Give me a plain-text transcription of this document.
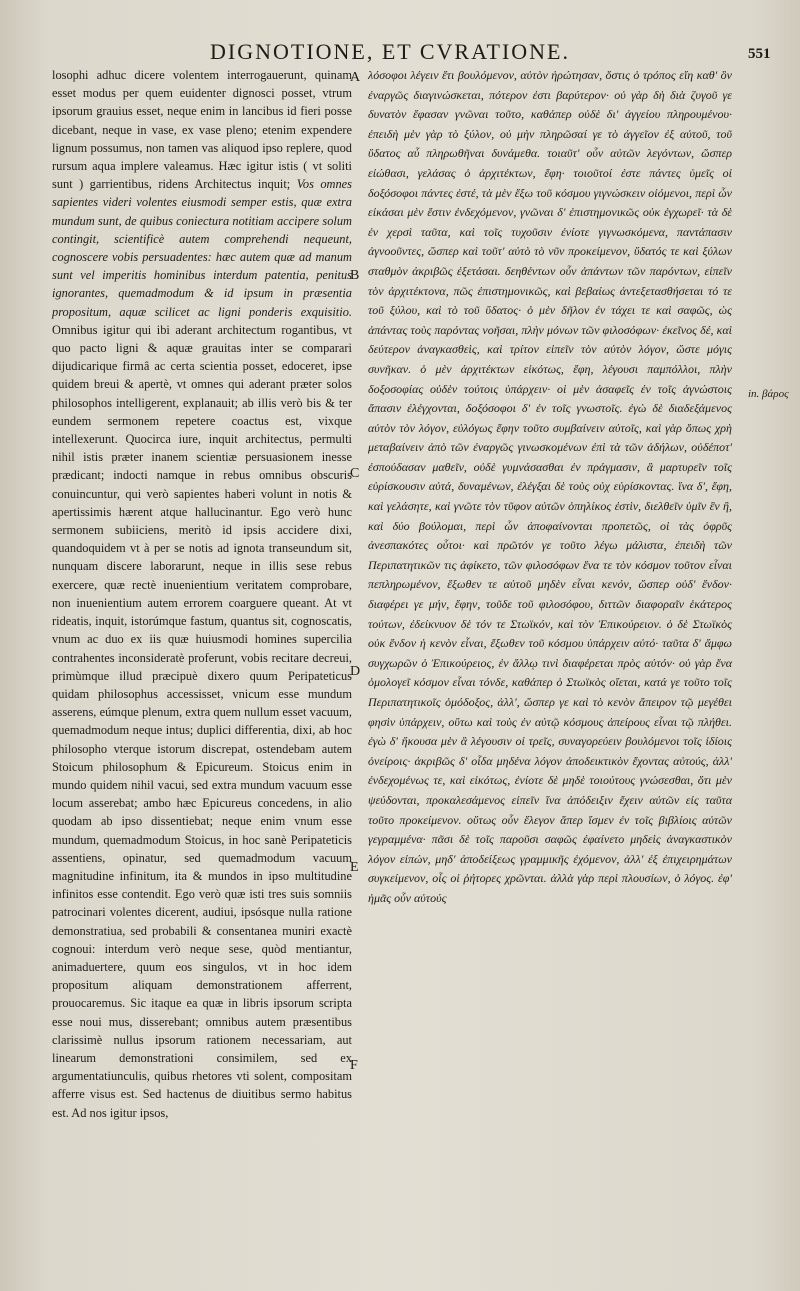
DIGNOTIONE, ET CVRATIONE.	551

losophi adhuc dicere volentem interrogauerunt, quinam esset modus per quem euidenter dignosci posset, vtrum ipsorum grauius esset, neque enim in lancibus id fieri posse dicebant, neque in vase, ex vase pleno; etenim expendere lignum possumus, non tamen vas aliquod ipso replere, quod rursum aqua implere valeamus. Hæc igitur istis ( vt soliti sunt ) garrientibus, ridens Architectus inquit; Vos omnes sapientes videri volentes eiusmodi semper estis, quæ extra mundum sunt, de quibus coniectura notitiam accipere solum contingit, scientificè autem comprehendi nequeunt, cognoscere vobis persuadentes: hæc autem quæ ad manum sunt vel imperitis hominibus interdum patentia, penitus ignorantes, quemadmodum & id ipsum in præsentia propositum, aquæ scilicet ac ligni ponderis exquisitio. Omnibus igitur qui ibi aderant architectum rogantibus, vt quo pacto ligni & aquæ grauitas inter se comparari dijudicarique firmâ ac certa scientia posset, edoceret, ipse quidem breui & apertè, vt omnes qui aderant præter solos philosophos intelligerent, explanauit; ab illis verò bis & ter eundem sermonem repetere coactus est, vixque intellexerunt. Quocirca iure, inquit architectus, permulti nihil istis præter inanem scientiæ persuasionem inesse prædicant; indocti namque in rebus omnibus obscuris conuincuntur, qui verò sapientes haberi volunt in notis & apertissimis hærent atque hallucinantur. Ego verò hunc sermonem subiiciens, meritò id ipsis accidere dixi, quandoquidem vt à per se notis ad ignota transeundum sit, nunquam discere laborarunt, neque in illis sese rebus exercere, quæ rectè inuenientium veritatem comprobare, non inuenientium autem errorem coarguere queant. At vt rideatis, inquit, istorúmque fastum, quantus sit, cognoscatis, vnum ac duo ex iis quæ huiusmodi homines supercilia contrahentes inconsideratè proferunt, vobis recitare decreui, primùmque illud præcipuè dixero quum Peripateticus quidam philosophus accessisset, vnicum esse mundum asserens, eúmque plenum, extra quem nullum esset vacuum, quemadmodum neque intus; duplici differentia, dixi, ab hoc philosopho vterque istorum discrepat, ostendebam autem Stoicum philosophum & Epicureum. Stoicus enim in mundo quidem nihil vacui, sed extra mundum vacuum esse locum asserebat; ambo hæc Epicureus concedens, in alio quodam ab ipso dissentiebat; neque enim vnum esse mundum, quemadmodum Stoicus, in hoc sanè Peripateticis assentiens, opinatur, sed quemadmodum vacuum magnitudine infinitum, ita & mundos in ipso multitudine infinitos esse contendit. Ego verò quæ isti tres suis somniis patrocinari volentes dicerent, audiui, ipsósque nulla ratione demonstratiua, sed probabili & consentanea muniri exactè cognoui: interdum verò neque sese, quòd mentiantur, animaduertere, quum eos singulos, vt in hoc idem propositum aliquam demonstrationem afferrent, prouocaremus. Sic itaque ea quæ in libris ipsorum scripta esse noui mus, disserebant; omnibus autem præsentibus clarissimè nullus ipsorum rationem necessariam, aut linearum demonstrationi consimilem, sed ex argumentatiunculis, quibus rhetores vti solent, compositam afferre visus est. Sed hactenus de diuitibus sermo habitus est. Ad nos igitur ipsos,

A
B
C
D
E
F

λόσοφοι λέγειν ἔτι βουλόμενον, αὐτὸν ἠρώτησαν, ὅστις ὁ τρόπος εἴη καθ' ὃν ἐναργῶς διαγινώσκεται, πότερον ἐστι βαρύτερον· οὐ γὰρ δὴ διὰ ζυγοῦ γε δυνατὸν ἔφασαν γνῶναι τοῦτο, καθάπερ οὐδὲ δι' ἀγγείου πληρουμένου· ἐπειδὴ μὲν γὰρ τὸ ξύλον, οὐ μὴν πληρῶσαί γε τὸ ἀγγεῖον ἐξ αὐτοῦ, τοῦ ὕδατος αὖ πληρωθῆναι δυνάμεθα. τοιαῦτ' οὖν αὐτῶν λεγόντων, ὥσπερ εἰώθασι, γελάσας ὁ ἀρχιτέκτων, ἔφη· τοιοῦτοί ἐστε πάντες ὑμεῖς οἱ δοξόσοφοι πάντες ἐστέ, τὰ μὲν ἔξω τοῦ κόσμου γιγνώσκειν οἰόμενοι, περὶ ὧν εἰκάσαι μὲν ἔστιν ἐνδεχόμενον, γνῶναι δ' ἐπιστημονικῶς οὐκ ἐγχωρεῖ· τὰ δὲ ἐν χερσὶ ταῦτα, καὶ τοῖς τυχοῦσιν ἐνίοτε γιγνωσκόμενα, παντάπασιν ἀγνοοῦντες, ὥσπερ καὶ τοῦτ' αὐτὸ τὸ νῦν προκείμενον, ὕδατός τε καὶ ξύλων σταθμὸν ἀκριβῶς ἐξετάσαι. δεηθέντων οὖν ἁπάντων τῶν παρόντων, εἰπεῖν τὸν ἀρχιτέκτονα, πῶς ἐπιστημονικῶς, καὶ βεβαίως ἀντεξετασθήσεται τό τε τοῦ ξύλου, καὶ τὸ τοῦ ὕδατος· ὁ μὲν δῆλον ἐν τάχει τε καὶ σαφῶς, ὡς ἁπάντας τοὺς παρόντας νοῆσαι, πλὴν μόνων τῶν φιλοσόφων· ἐκεῖνος δέ, καὶ δεύτερον ἀναγκασθεὶς, καὶ τρίτον εἰπεῖν τὸν αὐτὸν λόγον, ὥστε μόγις συνῆκαν. ὁ μὲν ἀρχιτέκτων εἰκότως, ἔφη, λέγουσι παμπόλλοι, πλὴν δοξοσοφίας οὐδὲν τούτοις ὑπάρχειν· οἱ μὲν ἀσαφεῖς ἐν τοῖς ἀγνώστοις ἅπασιν ἐλέγχονται, δοξόσοφοι δ' ἐν τοῖς γνωστοῖς. ἐγὼ δὲ διαδεξάμενος αὐτὸν τὸν λόγον, εὐλόγως ἔφην τοῦτο συμβαίνειν αὐτοῖς, καὶ γὰρ ὅπως χρὴ μεταβαίνειν ἀπὸ τῶν ἐναργῶς γινωσκομένων ἐπὶ τὰ τῶν ἀδήλων, οὐδέποτ' ἐσπούδασαν μαθεῖν, οὐδὲ γυμνάσασθαι ἐν πράγμασιν, ἃ μαρτυρεῖν τοῖς εὑρίσκουσιν αὐτά, δυναμένων, ἐλέγξαι δὲ τοὺς οὐχ εὑρίσκοντας. ἵνα δ', ἔφη, καὶ γελάσητε, καὶ γνῶτε τὸν τῦφον αὐτῶν ὁπηλίκος ἐστὶν, διελθεῖν ὑμῖν ἓν ἢ, καὶ δύο βούλομαι, περὶ ὧν ἀποφαίνονται προπετῶς, οἱ τὰς ὀφρῦς ἀνεσπακότες οὗτοι· καὶ πρῶτόν γε τοῦτο λέγω μάλιστα, ἐπειδὴ τῶν Περιπατητικῶν τις ἀφίκετο, τῶν φιλοσόφων ἕνα τε τὸν κόσμον τοῦτον εἶναι πεπληρωμένον, ἔξωθεν τε αὐτοῦ μηδὲν εἶναι κενόν, ὥσπερ οὐδ' ἔνδον· διαφέρει γε μήν, ἔφην, τοῦδε τοῦ φιλοσόφου, διττῶν διαφοραῖν ἑκάτερος τούτων, ἐδείκνυον δὲ τόν τε Στωϊκόν, καὶ τὸν Ἐπικούρειον. ὁ δὲ Στωϊκὸς οὐκ ἔνδον ἡ κενὸν εἶναι, ἔξωθεν τοῦ κόσμου ὑπάρχειν αὐτό· ταῦτα δ' ἄμφω συγχωρῶν ὁ Ἐπικούρειος, ἐν ἄλλῳ τινὶ διαφέρεται πρὸς αὐτόν· οὐ γὰρ ἕνα ὁμολογεῖ κόσμον εἶναι τόνδε, καθάπερ ὁ Στωϊκὸς οἴεται, κατά γε τοῦτο τοῖς Περιπατητικοῖς ὁμόδοξος, ἀλλ', ὥσπερ γε καὶ τὸ κενὸν ἄπειρον τῷ μεγέθει φησὶν ὑπάρχειν, οὕτω καὶ τοὺς ἐν αὐτῷ κόσμους ἀπείρους εἶναι τῷ πλήθει. ἐγὼ δ' ἤκουσα μὲν ἃ λέγουσιν οἱ τρεῖς, συναγορεύειν βουλόμενοι τοῖς ἰδίοις ὀνείροις· ἀκριβῶς δ' οἶδα μηδένα λόγον ἀποδεικτικὸν ἔχοντας αὐτούς, ἀλλ' ἐνδεχομένως τε, καὶ εἰκότως, ἐνίοτε δὲ μηδὲ τοιούτους γνώσεσθαι, ὅτι μὲν ψεύδονται, προκαλεσάμενος εἰπεῖν ἵνα ἀπόδειξιν ἔχειν αὐτῶν εἰς ταῦτα τοῦτο προκείμενον. οὕτως οὖν ἔλεγον ἅπερ ἴσμεν ἐν τοῖς βιβλίοις αὐτῶν γεγραμμένα· πᾶσι δὲ τοῖς παροῦσι σαφῶς ἐφαίνετο μηδεὶς ἀναγκαστικὸν λόγον εἰπών, μηδ' ἀποδείξεως γραμμικῆς ἐχόμενον, ἀλλ' ἐξ ἐπιχειρημάτων συγκείμενον, οἷς οἱ ῥήτορες χρῶνται. ἀλλὰ γὰρ περὶ πλουσίων, ὁ λόγος. ἐφ' ἡμᾶς οὖν αὐτούς

in. βάρος
